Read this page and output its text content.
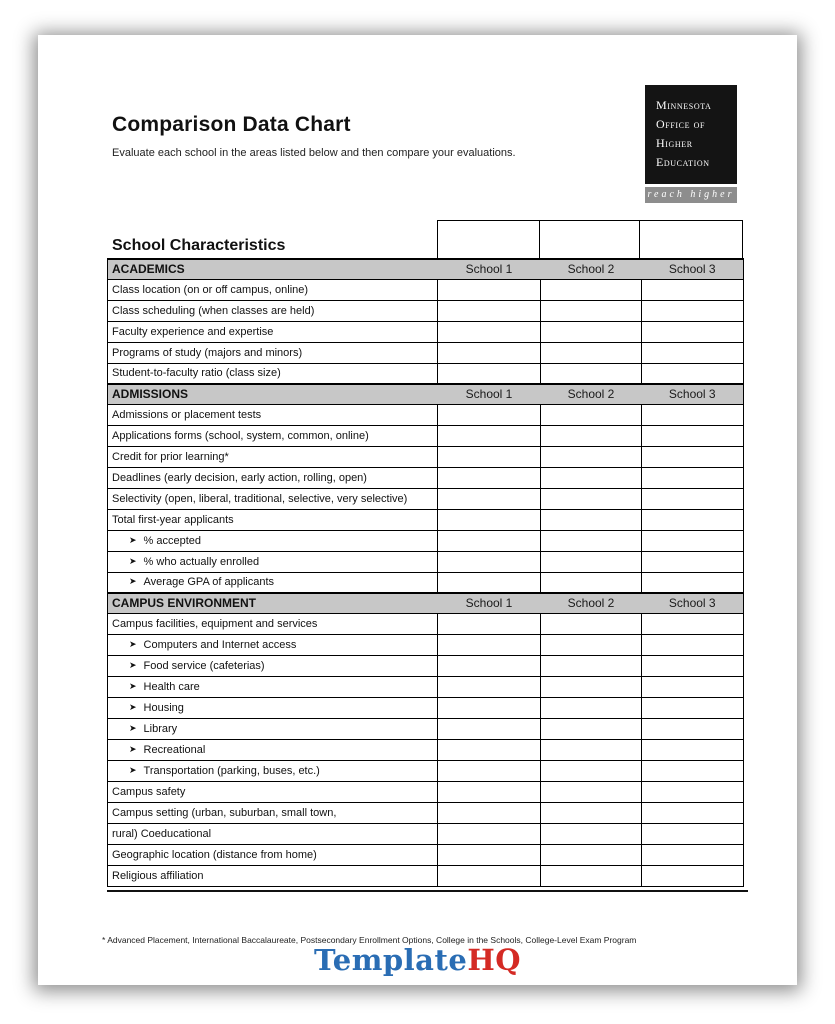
Comparison Data Chart
Evaluate each school in the areas listed below and then compare your evaluations.
Minnesota
Office of
Higher
Education
reach higher
School Characteristics
ACADEMICS	School 1	School 2	School 3
Class location (on or off campus, online)			
Class scheduling (when classes are held)			
Faculty experience and expertise			
Programs of study (majors and minors)			
Student-to-faculty ratio (class size)			
ADMISSIONS	School 1	School 2	School 3
Admissions or placement tests			
Applications forms (school, system, common, online)			
Credit for prior learning*			
Deadlines (early decision, early action, rolling, open)			
Selectivity (open, liberal, traditional, selective, very selective)			
Total first-year applicants			
➤ % accepted			
➤ % who actually enrolled			
➤ Average GPA of applicants			
CAMPUS ENVIRONMENT	School 1	School 2	School 3
Campus facilities, equipment and services			
➤ Computers and Internet access			
➤ Food service (cafeterias)			
➤ Health care			
➤ Housing			
➤ Library			
➤ Recreational			
➤ Transportation (parking, buses, etc.)			
Campus safety			
Campus setting (urban, suburban, small town,			
rural) Coeducational			
Geographic location (distance from home)			
Religious affiliation			
* Advanced Placement, International Baccalaureate, Postsecondary Enrollment Options, College in the Schools, College-Level Exam Program
TemplateHQ
